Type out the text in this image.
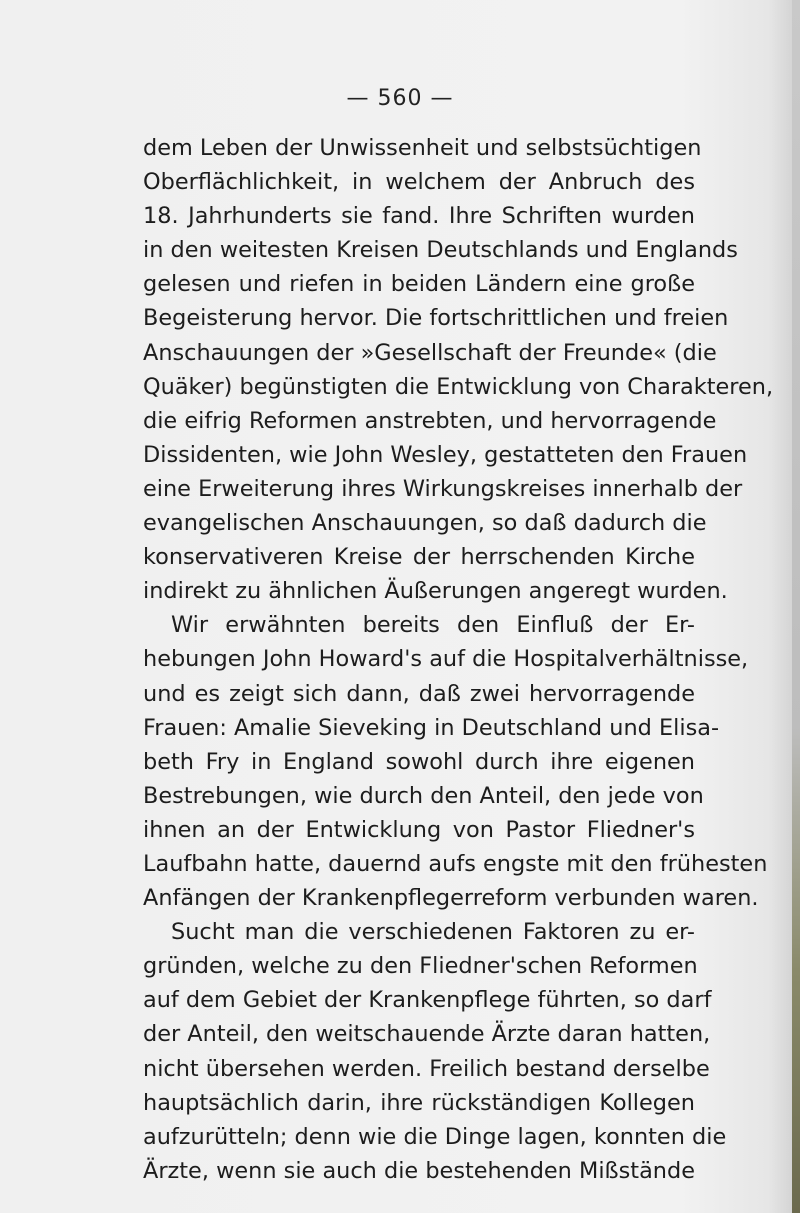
— 560 —
dem Leben der Unwissenheit und selbstsüchtigen
Oberflächlichkeit, in welchem der Anbruch des
18. Jahrhunderts sie fand. Ihre Schriften wurden
in den weitesten Kreisen Deutschlands und Englands
gelesen und riefen in beiden Ländern eine große
Begeisterung hervor. Die fortschrittlichen und freien
Anschauungen der »Gesellschaft der Freunde« (die
Quäker) begünstigten die Entwicklung von Charakteren,
die eifrig Reformen anstrebten, und hervorragende
Dissidenten, wie John Wesley, gestatteten den Frauen
eine Erweiterung ihres Wirkungskreises innerhalb der
evangelischen Anschauungen, so daß dadurch die
konservativeren Kreise der herrschenden Kirche
indirekt zu ähnlichen Äußerungen angeregt wurden.
Wir erwähnten bereits den Einfluß der Er-
hebungen John Howard's auf die Hospitalverhältnisse,
und es zeigt sich dann, daß zwei hervorragende
Frauen: Amalie Sieveking in Deutschland und Elisa-
beth Fry in England sowohl durch ihre eigenen
Bestrebungen, wie durch den Anteil, den jede von
ihnen an der Entwicklung von Pastor Fliedner's
Laufbahn hatte, dauernd aufs engste mit den frühesten
Anfängen der Krankenpflegerreform verbunden waren.
Sucht man die verschiedenen Faktoren zu er-
gründen, welche zu den Fliedner'schen Reformen
auf dem Gebiet der Krankenpflege führten, so darf
der Anteil, den weitschauende Ärzte daran hatten,
nicht übersehen werden. Freilich bestand derselbe
hauptsächlich darin, ihre rückständigen Kollegen
aufzurütteln; denn wie die Dinge lagen, konnten die
Ärzte, wenn sie auch die bestehenden Mißstände
